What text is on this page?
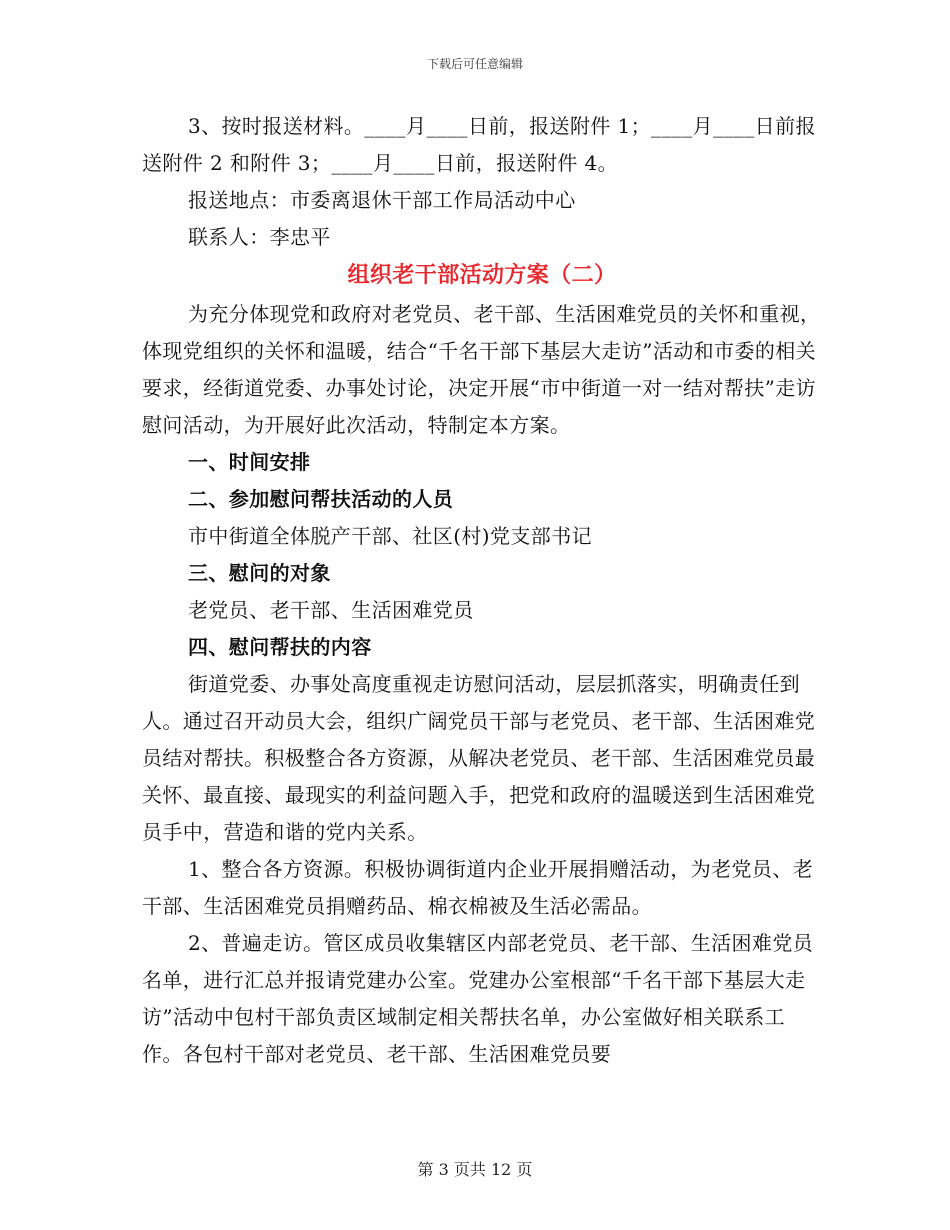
下载后可任意编辑

3、按时报送材料。____月____日前，报送附件 1；____月____日前报送附件 2 和附件 3；____月____日前，报送附件 4。

报送地点：市委离退休干部工作局活动中心

联系人：李忠平

组织老干部活动方案（二）

为充分体现党和政府对老党员、老干部、生活困难党员的关怀和重视，体现党组织的关怀和温暖，结合“千名干部下基层大走访”活动和市委的相关要求，经街道党委、办事处讨论，决定开展“市中街道一对一结对帮扶”走访慰问活动，为开展好此次活动，特制定本方案。

一、时间安排

二、参加慰问帮扶活动的人员

市中街道全体脱产干部、社区(村)党支部书记

三、慰问的对象

老党员、老干部、生活困难党员

四、慰问帮扶的内容

街道党委、办事处高度重视走访慰问活动，层层抓落实，明确责任到人。通过召开动员大会，组织广阔党员干部与老党员、老干部、生活困难党员结对帮扶。积极整合各方资源，从解决老党员、老干部、生活困难党员最关怀、最直接、最现实的利益问题入手，把党和政府的温暖送到生活困难党员手中，营造和谐的党内关系。

1、整合各方资源。积极协调街道内企业开展捐赠活动，为老党员、老干部、生活困难党员捐赠药品、棉衣棉被及生活必需品。

2、普遍走访。管区成员收集辖区内部老党员、老干部、生活困难党员名单，进行汇总并报请党建办公室。党建办公室根部“千名干部下基层大走访”活动中包村干部负责区域制定相关帮扶名单，办公室做好相关联系工作。各包村干部对老党员、老干部、生活困难党员要

第 3 页共 12 页
